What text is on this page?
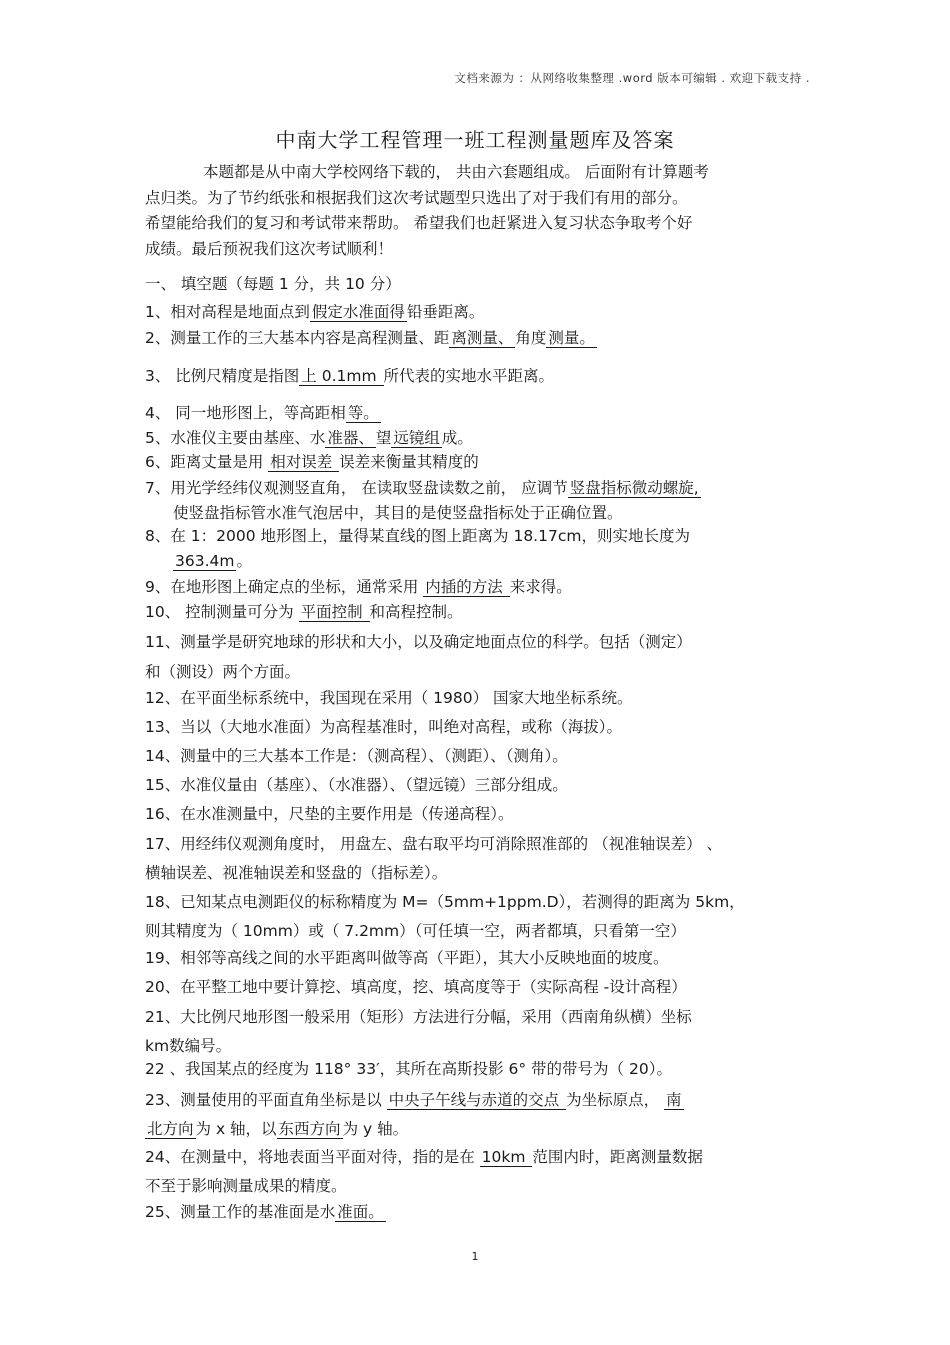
文档来源为 ：从网络收集整理 .word 版本可编辑 . 欢迎下载支持 .
中南大学工程管理一班工程测量题库及答案
本题都是从中南大学校网络下载的， 共由六套题组成。 后面附有计算题考
点归类。为了节约纸张和根据我们这次考试题型只选出了对于我们有用的部分。
希望能给我们的复习和考试带来帮助。 希望我们也赶紧进入复习状态争取考个好
成绩。最后预祝我们这次考试顺利！
一、 填空题（每题 1 分，共 10 分）
1、相对高程是地面点到 假定水准面得 铅垂距离。
2、测量工作的三大基本内容是高程测量、距 离测量、 角度 测量。
3、 比例尺精度是指图 上 0.1mm 所代表的实地水平距离。
4、 同一地形图上，等高距相 等。
5、水准仪主要由基座、水 准器、 望 远镜组 成。
6、距离丈量是用 相对误差 误差来衡量其精度的
7、用光学经纬仪观测竖直角， 在读取竖盘读数之前， 应调节 竖盘指标微动螺旋,
使竖盘指标管水准气泡居中，其目的是使竖盘指标处于正确位置。
8、在 1：2000 地形图上，量得某直线的图上距离为 18.17cm，则实地长度为
363.4m 。
9、在地形图上确定点的坐标，通常采用 内插的方法 来求得。
10、 控制测量可分为 平面控制 和高程控制。
11、测量学是研究地球的形状和大小，以及确定地面点位的科学。包括（测定）
和（测设）两个方面。
12、在平面坐标系统中，我国现在采用（ 1980） 国家大地坐标系统。
13、当以（大地水准面）为高程基准时，叫绝对高程，或称（海拔）。
14、测量中的三大基本工作是：（测高程）、（测距）、（测角）。
15、水准仪量由（基座）、（水准器）、（望远镜）三部分组成。
16、在水准测量中，尺垫的主要作用是（传递高程）。
17、用经纬仪观测角度时， 用盘左、盘右取平均可消除照准部的 （视准轴误差） 、
横轴误差、视准轴误差和竖盘的（指标差）。
18、已知某点电测距仪的标称精度为 M=（5mm+1ppm.D），若测得的距离为 5km，
则其精度为（ 10mm）或（ 7.2mm）（可任填一空，两者都填，只看第一空）
19、相邻等高线之间的水平距离叫做等高（平距），其大小反映地面的坡度。
20、在平整工地中要计算挖、填高度，挖、填高度等于（实际高程 -设计高程）
21、大比例尺地形图一般采用（矩形）方法进行分幅，采用（西南角纵横）坐标
km数编号。
22 、我国某点的经度为 118° 33′，其所在高斯投影 6° 带的带号为（ 20）。
23、测量使用的平面直角坐标是以 中央子午线与赤道的交点 为坐标原点， 南
北方向 为 x 轴，以 东西方向 为 y 轴。
24、在测量中，将地表面当平面对待，指的是在 10km 范围内时，距离测量数据
不至于影响测量成果的精度。
25、测量工作的基准面是水 准面。
1
